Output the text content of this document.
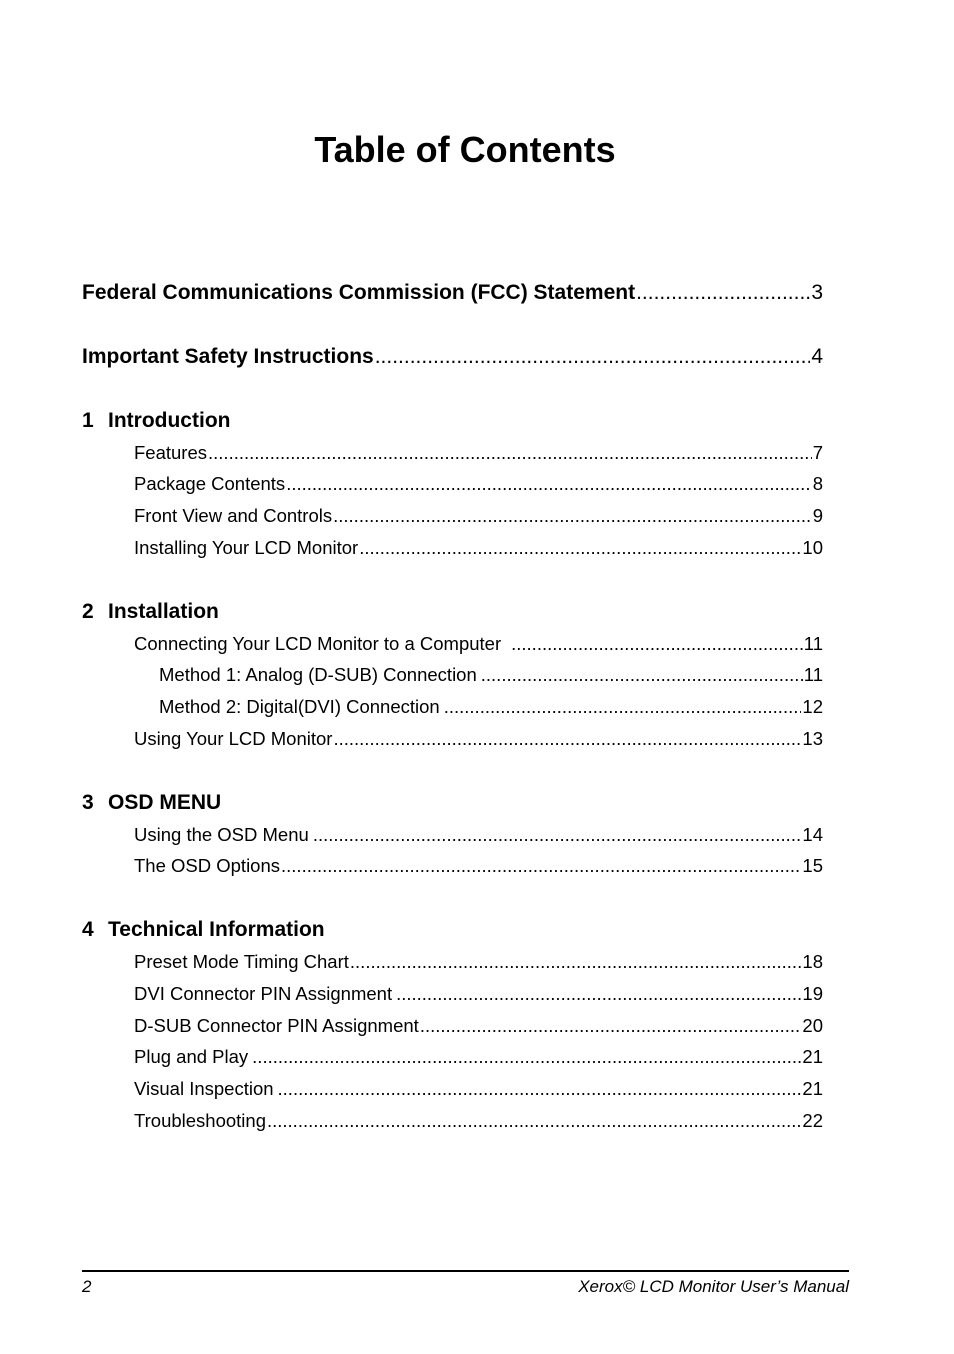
Table of Contents
Federal Communications Commission (FCC) Statement .....	3
Important Safety Instructions .....	4
1 Introduction
Features .....	7
Package Contents .....	8
Front View and Controls .....	9
Installing Your LCD Monitor .....	10
2 Installation
Connecting Your LCD Monitor to a Computer .....	11
Method 1: Analog (D-SUB) Connection .....	11
Method 2: Digital(DVI) Connection .....	12
Using Your LCD Monitor .....	13
3 OSD MENU
Using the OSD Menu .....	14
The OSD Options .....	15
4 Technical Information
Preset Mode Timing Chart .....	18
DVI Connector PIN Assignment .....	19
D-SUB Connector PIN Assignment .....	20
Plug and Play .....	21
Visual Inspection .....	21
Troubleshooting .....	22
2	Xerox© LCD Monitor User’s Manual
